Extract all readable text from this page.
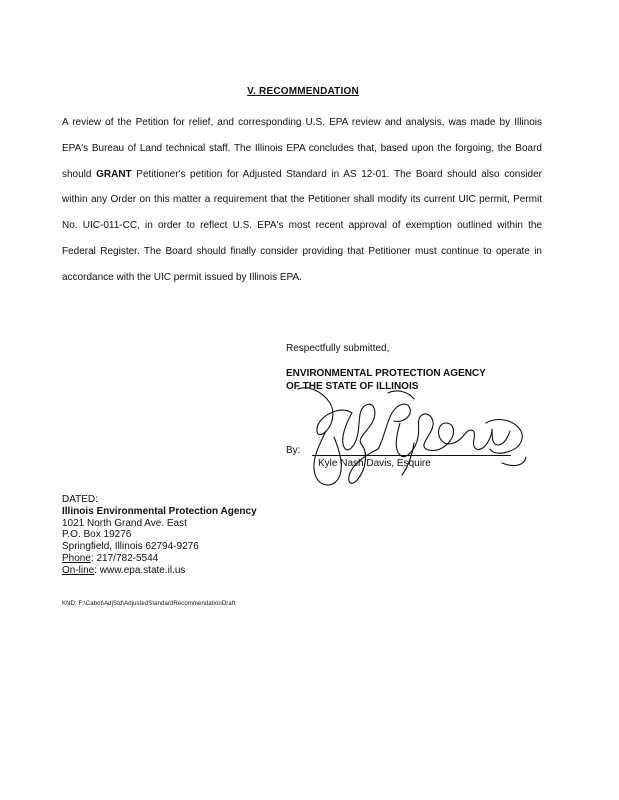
V. RECOMMENDATION

A review of the Petition for relief, and corresponding U.S. EPA review and analysis, was made by Illinois EPA's Bureau of Land technical staff. The Illinois EPA concludes that, based upon the forgoing, the Board should GRANT Petitioner's petition for Adjusted Standard in AS 12-01. The Board should also consider within any Order on this matter a requirement that the Petitioner shall modify its current UIC permit, Permit No. UIC-011-CC, in order to reflect U.S. EPA's most recent approval of exemption outlined within the Federal Register. The Board should finally consider providing that Petitioner must continue to operate in accordance with the UIC permit issued by Illinois EPA.

Respectfully submitted,
ENVIRONMENTAL PROTECTION AGENCY
OF THE STATE OF ILLINOIS
By:
Kyle Nash Davis, Esquire
DATED:
Illinois Environmental Protection Agency
1021 North Grand Ave. East
P.O. Box 19276
Springfield, Illinois 62794-9276
Phone: 217/782-5544
On-line: www.epa.state.il.us
KND: F:\Cabot\AdjStd\AdjustedStandardRecommendationDraft
